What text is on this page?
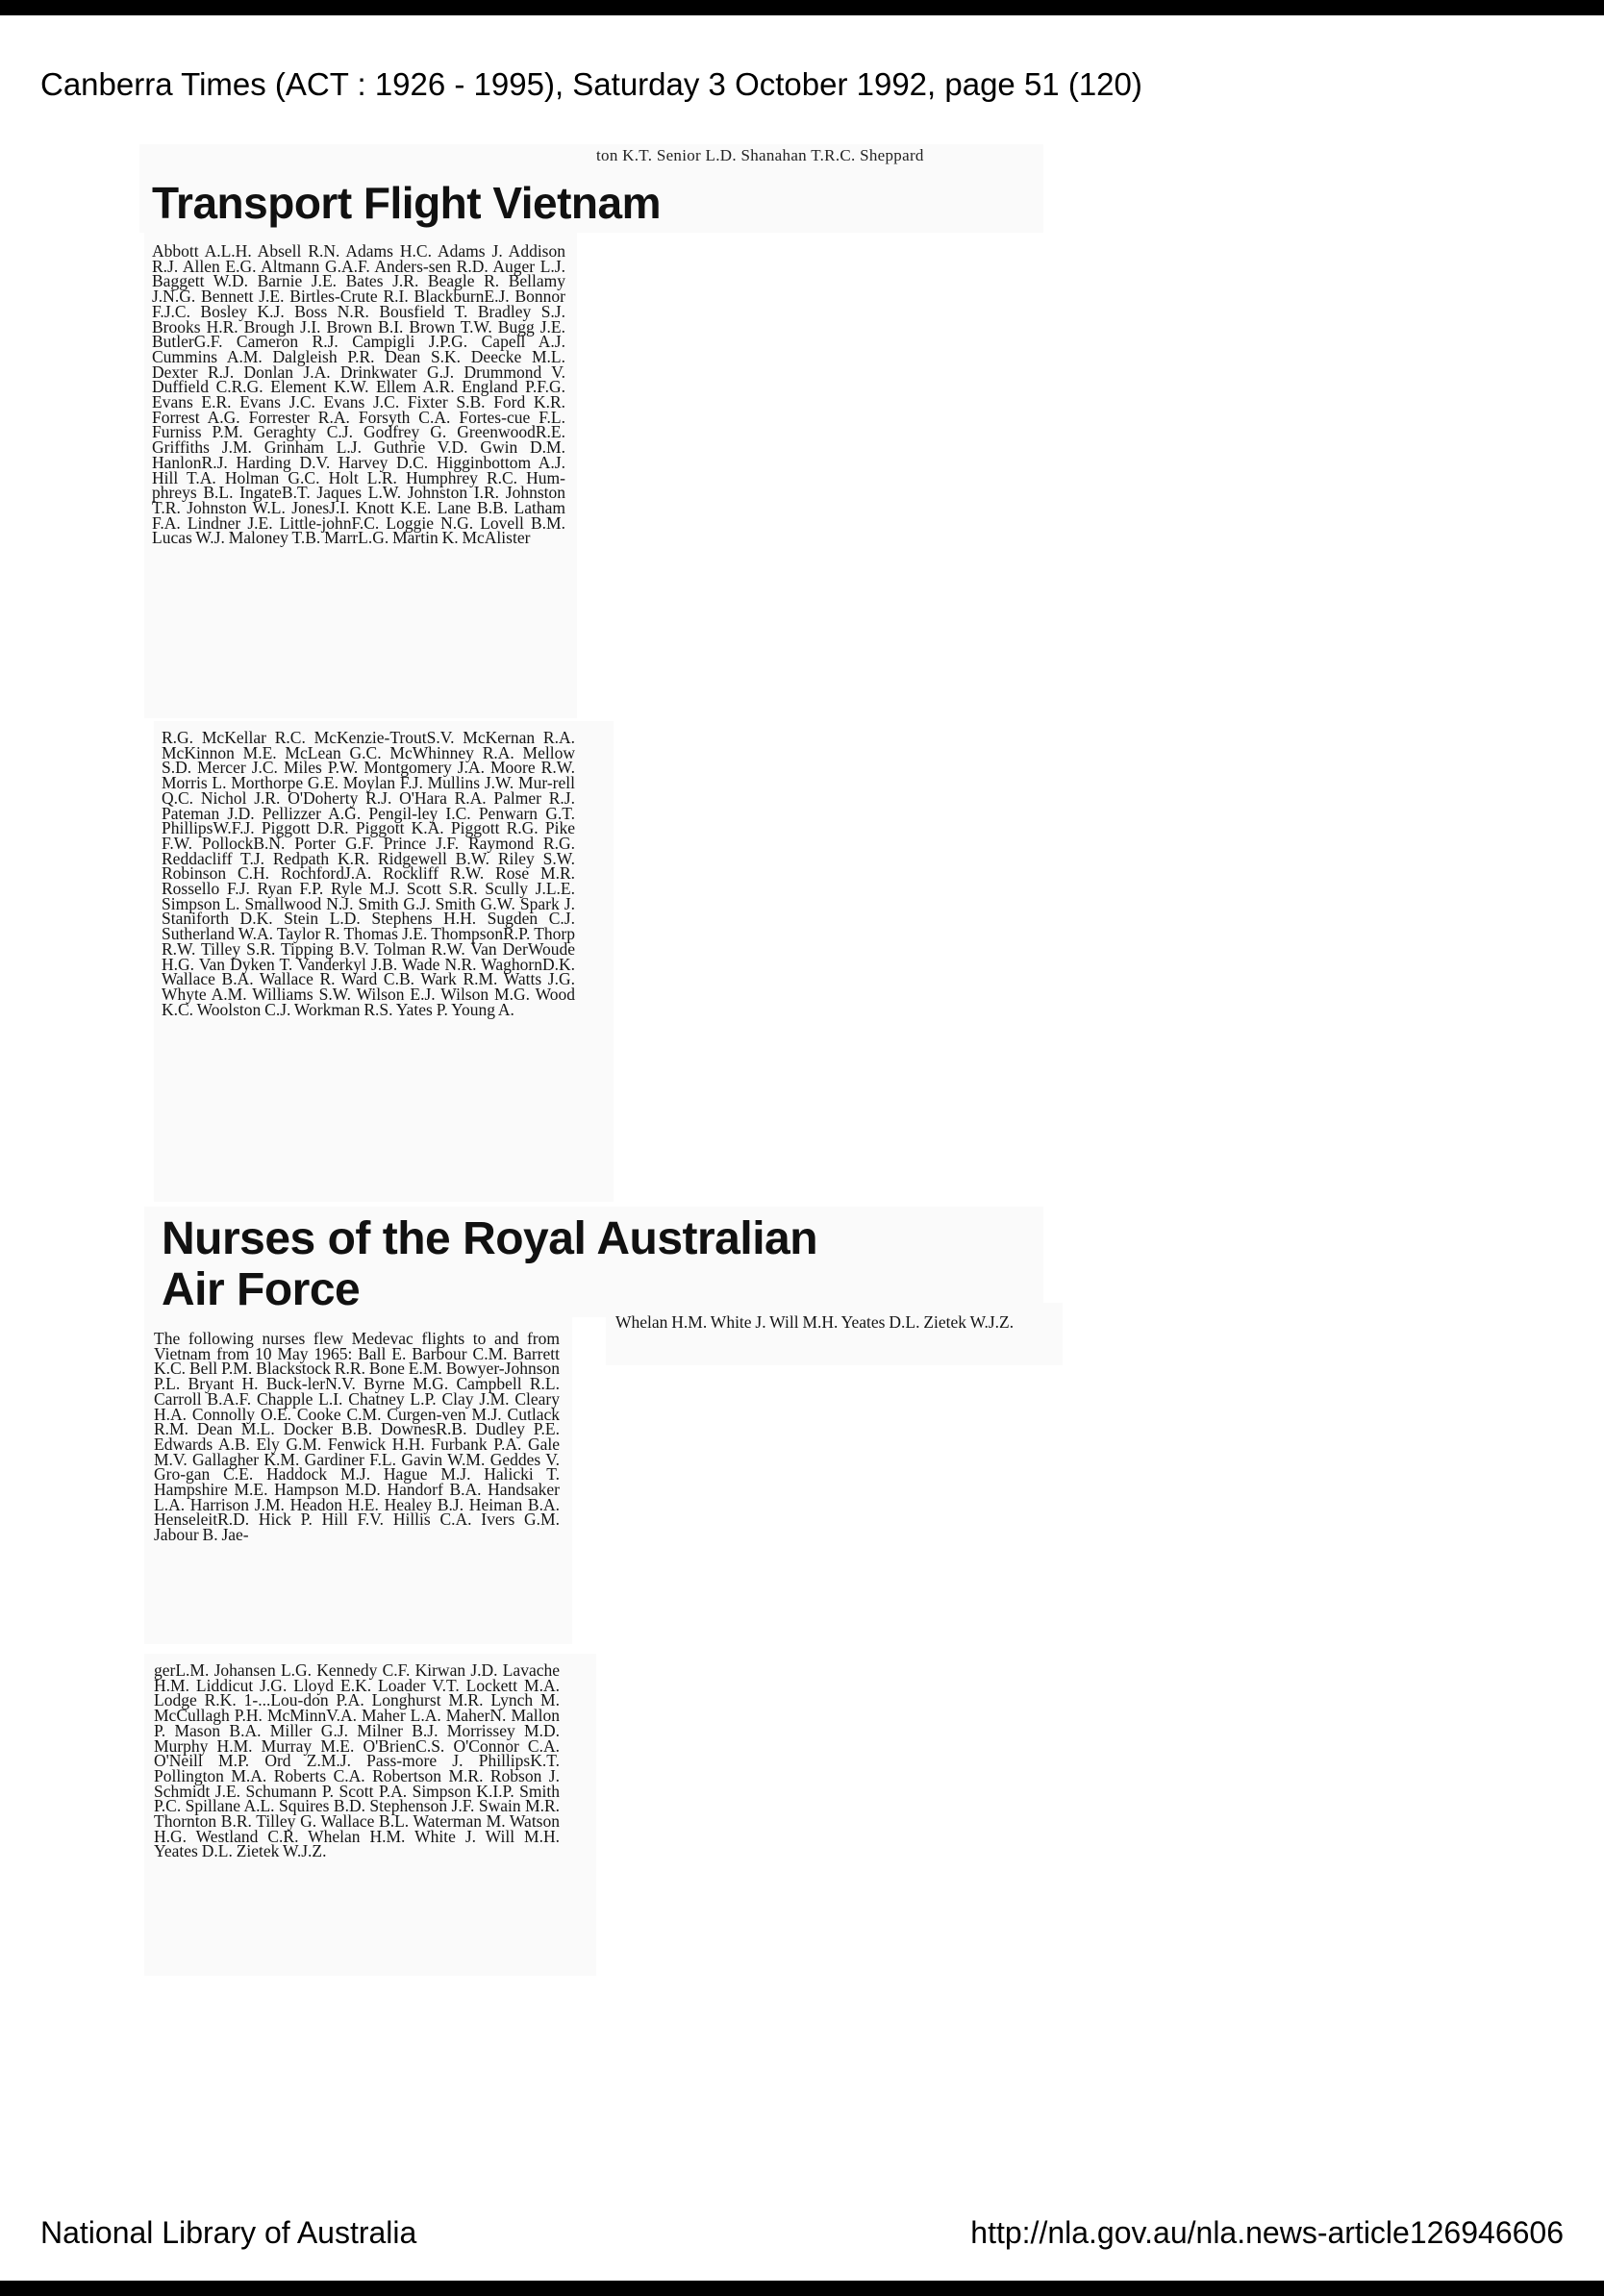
Canberra Times (ACT : 1926 - 1995), Saturday 3 October 1992, page 51 (120)
ton K.T. Senior L.D. Shanahan T.R.C. Sheppard
Transport Flight Vietnam

Abbott A.L.H. Absell R.N. Adams H.C. Adams J. Addison R.J. Allen E.G. Altmann G.A.F. Anders-sen R.D. Auger L.J. Baggett W.D. Barnie J.E. Bates J.R. Beagle R. Bellamy J.N.G. Bennett J.E. Birtles-Crute R.I. BlackburnE.J. Bonnor F.J.C. Bosley K.J. Boss N.R. Bousfield T. Bradley S.J. Brooks H.R. Brough J.I. Brown B.I. Brown T.W. Bugg J.E. ButlerG.F. Cameron R.J. Campigli J.P.G. Capell A.J. Cummins A.M. Dalgleish P.R. Dean S.K. Deecke M.L. Dexter R.J. Donlan J.A. Drinkwater G.J. Drummond V. Duffield C.R.G. Element K.W. Ellem A.R. England P.F.G. Evans E.R. Evans J.C. Evans J.C. Fixter S.B. Ford K.R. Forrest A.G. Forrester R.A. Forsyth C.A. Fortes-cue F.L. Furniss P.M. Geraghty C.J. Godfrey G. GreenwoodR.E. Griffiths J.M. Grinham L.J. Guthrie V.D. Gwin D.M. HanlonR.J. Harding D.V. Harvey D.C. Higginbottom A.J. Hill T.A. Holman G.C. Holt L.R. Humphrey R.C. Hum-phreys B.L. IngateB.T. Jaques L.W. Johnston I.R. Johnston T.R. Johnston W.L. JonesJ.I. Knott K.E. Lane B.B. Latham F.A. Lindner J.E. Little-johnF.C. Loggie N.G. Lovell B.M. Lucas W.J. Maloney T.B. MarrL.G. Martin K. McAlister

R.G. McKellar R.C. McKenzie-TroutS.V. McKernan R.A. McKinnon M.E. McLean G.C. McWhinney R.A. Mellow S.D. Mercer J.C. Miles P.W. Montgomery J.A. Moore R.W. Morris L. Morthorpe G.E. Moylan F.J. Mullins J.W. Mur-rell Q.C. Nichol J.R. O'Doherty R.J. O'Hara R.A. Palmer R.J. Pateman J.D. Pellizzer A.G. Pengil-ley I.C. Penwarn G.T. PhillipsW.F.J. Piggott D.R. Piggott K.A. Piggott R.G. Pike F.W. PollockB.N. Porter G.F. Prince J.F. Raymond R.G. Reddacliff T.J. Redpath K.R. Ridgewell B.W. Riley S.W. Robinson C.H. RochfordJ.A. Rockliff R.W. Rose M.R. Rossello F.J. Ryan F.P. Ryle M.J. Scott S.R. Scully J.L.E. Simpson L. Smallwood N.J. Smith G.J. Smith G.W. Spark J. Staniforth D.K. Stein L.D. Stephens H.H. Sugden C.J. Sutherland W.A. Taylor R. Thomas J.E. ThompsonR.P. Thorp R.W. Tilley S.R. Tipping B.V. Tolman R.W. Van DerWoude H.G. Van Dyken T. Vanderkyl J.B. Wade N.R. WaghornD.K. Wallace B.A. Wallace R. Ward C.B. Wark R.M. Watts J.G. Whyte A.M. Williams S.W. Wilson E.J. Wilson M.G. Wood K.C. Woolston C.J. Workman R.S. Yates P. Young A.

Nurses of the Royal Australian
Air Force

Whelan H.M. White J. Will M.H. Yeates D.L. Zietek W.J.Z.

The following nurses flew Medevac flights to and from Vietnam from 10 May 1965: Ball E. Barbour C.M. Barrett K.C. Bell P.M. Blackstock R.R. Bone E.M. Bowyer-Johnson P.L. Bryant H. Buck-lerN.V. Byrne M.G. Campbell R.L. Carroll B.A.F. Chapple L.I. Chatney L.P. Clay J.M. Cleary H.A. Connolly O.E. Cooke C.M. Curgen-ven M.J. Cutlack R.M. Dean M.L. Docker B.B. DownesR.B. Dudley P.E. Edwards A.B. Ely G.M. Fenwick H.H. Furbank P.A. Gale M.V. Gallagher K.M. Gardiner F.L. Gavin W.M. Geddes V. Gro-gan C.E. Haddock M.J. Hague M.J. Halicki T. Hampshire M.E. Hampson M.D. Handorf B.A. Handsaker L.A. Harrison J.M. Headon H.E. Healey B.J. Heiman B.A. HenseleitR.D. Hick P. Hill F.V. Hillis C.A. Ivers G.M. Jabour B. Jae-

gerL.M. Johansen L.G. Kennedy C.F. Kirwan J.D. Lavache H.M. Liddicut J.G. Lloyd E.K. Loader V.T. Lockett M.A. Lodge R.K. 1-...Lou-don P.A. Longhurst M.R. Lynch M. McCullagh P.H. McMinnV.A. Maher L.A. MaherN. Mallon P. Mason B.A. Miller G.J. Milner B.J. Morrissey M.D. Murphy H.M. Murray M.E. O'BrienC.S. O'Connor C.A. O'Neill M.P. Ord Z.M.J. Pass-more J. PhillipsK.T. Pollington M.A. Roberts C.A. Robertson M.R. Robson J. Schmidt J.E. Schumann P. Scott P.A. Simpson K.I.P. Smith P.C. Spillane A.L. Squires B.D. Stephenson J.F. Swain M.R. Thornton B.R. Tilley G. Wallace B.L. Waterman M. Watson H.G. Westland C.R. Whelan H.M. White J. Will M.H. Yeates D.L. Zietek W.J.Z.

National Library of Australia	http://nla.gov.au/nla.news-article126946606
